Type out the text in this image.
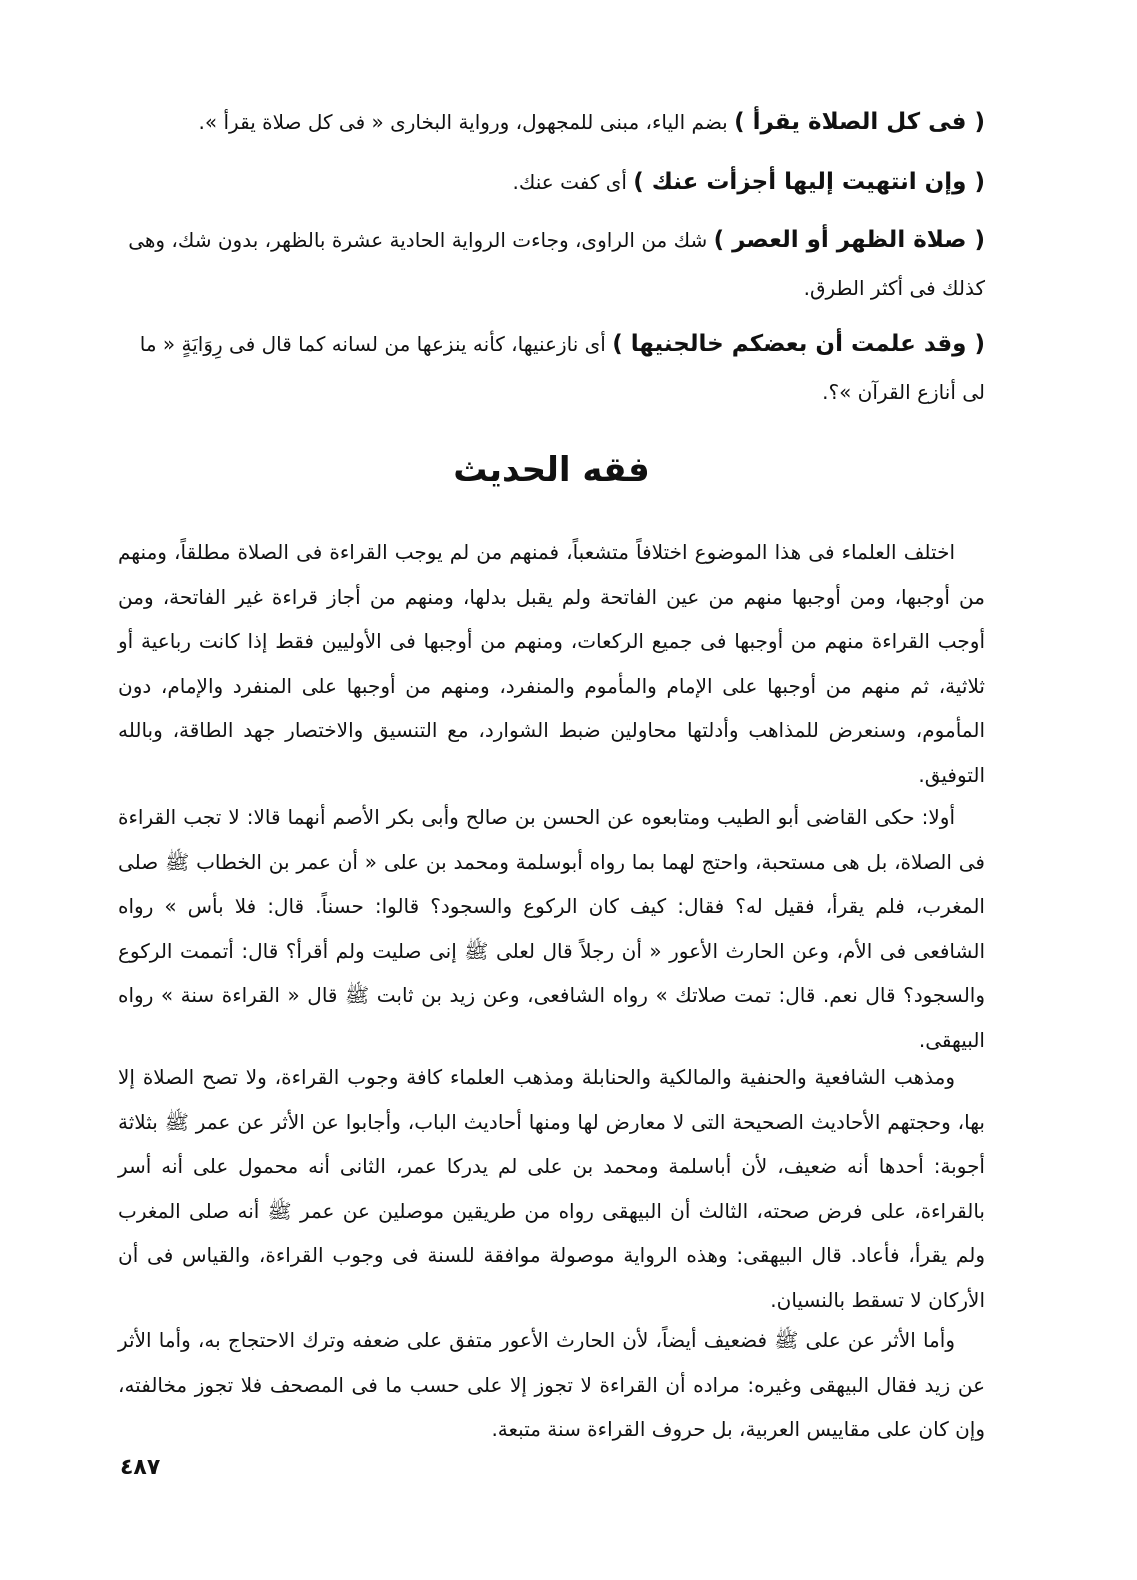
( فى كل الصلاة يقرأ ) بضم الياء، مبنى للمجهول، ورواية البخارى « فى كل صلاة يقرأ ».

( وإن انتهيت إليها أجزأت عنك ) أى كفت عنك.

( صلاة الظهر أو العصر ) شك من الراوى، وجاءت الرواية الحادية عشرة بالظهر، بدون شك، وهى كذلك فى أكثر الطرق.

( وقد علمت أن بعضكم خالجنيها ) أى نازعنيها، كأنه ينزعها من لسانه كما قال فى رِوَايَةٍ « ما لى أنازع القرآن »؟.

فقه الحديث

اختلف العلماء فى هذا الموضوع اختلافاً متشعباً، فمنهم من لم يوجب القراءة فى الصلاة مطلقاً، ومنهم من أوجبها، ومن أوجبها منهم من عين الفاتحة ولم يقبل بدلها، ومنهم من أجاز قراءة غير الفاتحة، ومن أوجب القراءة منهم من أوجبها فى جميع الركعات، ومنهم من أوجبها فى الأوليين فقط إذا كانت رباعية أو ثلاثية، ثم منهم من أوجبها على الإمام والمأموم والمنفرد، ومنهم من أوجبها على المنفرد والإمام، دون المأموم، وسنعرض للمذاهب وأدلتها محاولين ضبط الشوارد، مع التنسيق والاختصار جهد الطاقة، وبالله التوفيق.

أولا: حكى القاضى أبو الطيب ومتابعوه عن الحسن بن صالح وأبى بكر الأصم أنهما قالا: لا تجب القراءة فى الصلاة، بل هى مستحبة، واحتج لهما بما رواه أبوسلمة ومحمد بن على « أن عمر بن الخطاب ﷺ صلى المغرب، فلم يقرأ، فقيل له؟ فقال: كيف كان الركوع والسجود؟ قالوا: حسناً. قال: فلا بأس » رواه الشافعى فى الأم، وعن الحارث الأعور « أن رجلاً قال لعلى ﷺ إنى صليت ولم أقرأ؟ قال: أتممت الركوع والسجود؟ قال نعم. قال: تمت صلاتك » رواه الشافعى، وعن زيد بن ثابت ﷺ قال « القراءة سنة » رواه البيهقى.

ومذهب الشافعية والحنفية والمالكية والحنابلة ومذهب العلماء كافة وجوب القراءة، ولا تصح الصلاة إلا بها، وحجتهم الأحاديث الصحيحة التى لا معارض لها ومنها أحاديث الباب، وأجابوا عن الأثر عن عمر ﷺ بثلاثة أجوبة: أحدها أنه ضعيف، لأن أباسلمة ومحمد بن على لم يدركا عمر، الثانى أنه محمول على أنه أسر بالقراءة، على فرض صحته، الثالث أن البيهقى رواه من طريقين موصلين عن عمر ﷺ أنه صلى المغرب ولم يقرأ، فأعاد. قال البيهقى: وهذه الرواية موصولة موافقة للسنة فى وجوب القراءة، والقياس فى أن الأركان لا تسقط بالنسيان.

وأما الأثر عن على ﷺ فضعيف أيضاً، لأن الحارث الأعور متفق على ضعفه وترك الاحتجاج به، وأما الأثر عن زيد فقال البيهقى وغيره: مراده أن القراءة لا تجوز إلا على حسب ما فى المصحف فلا تجوز مخالفته، وإن كان على مقاييس العربية، بل حروف القراءة سنة متبعة.

٤٨٧
